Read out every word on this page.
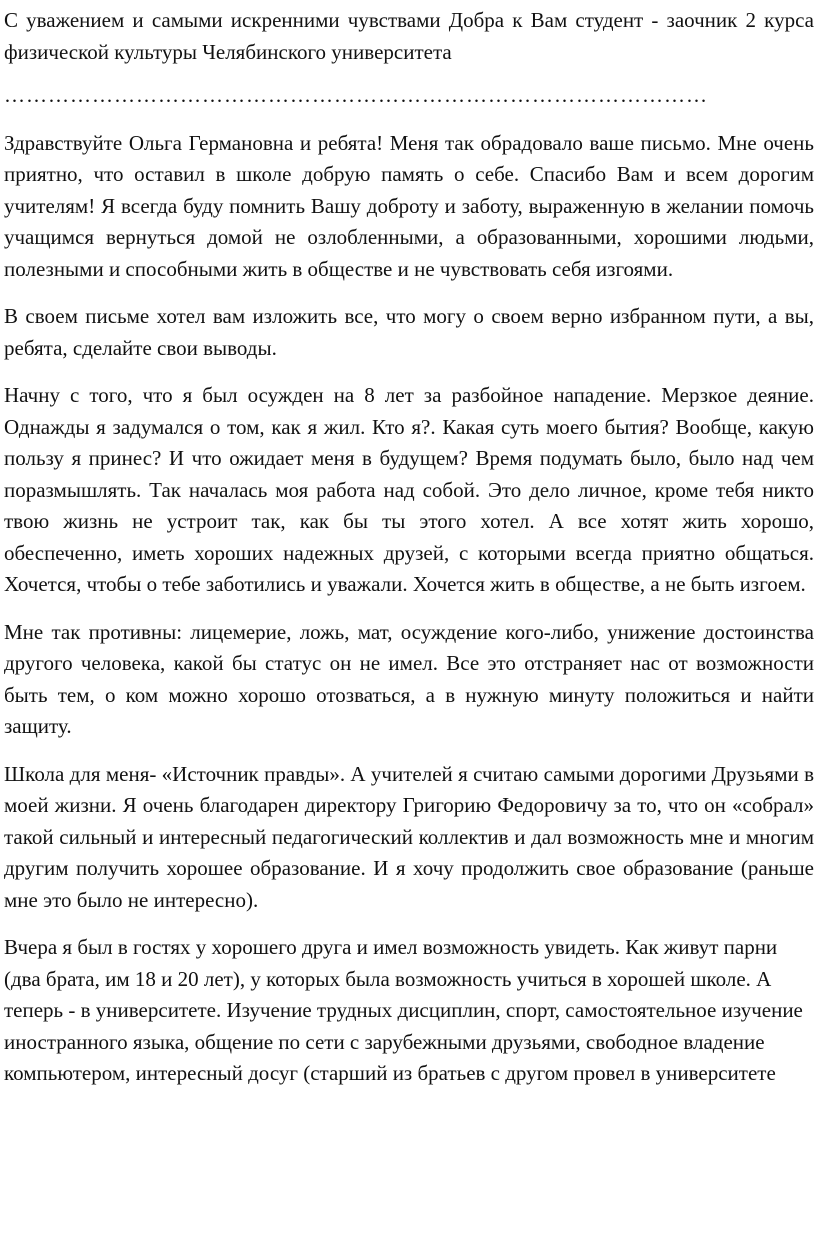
С уважением и самыми искренними чувствами Добра к Вам студент - заочник 2 курса физической культуры Челябинского университета

……………………………………………………………………………………

Здравствуйте Ольга Германовна и ребята! Меня так обрадовало ваше письмо. Мне очень приятно, что оставил в школе добрую память о себе. Спасибо Вам и всем дорогим учителям! Я всегда буду помнить Вашу доброту и заботу, выраженную в желании помочь учащимся вернуться домой не озлобленными, а образованными, хорошими людьми, полезными и способными жить в обществе и не чувствовать себя изгоями.

В своем письме хотел вам изложить все, что могу о своем верно избранном пути, а вы, ребята, сделайте свои выводы.

Начну с того, что я был осужден на 8 лет за разбойное нападение. Мерзкое деяние. Однажды я задумался о том, как я жил. Кто я?. Какая суть моего бытия? Вообще, какую пользу я принес? И что ожидает меня в будущем? Время подумать было, было над чем поразмышлять. Так началась моя работа над собой. Это дело личное, кроме тебя никто твою жизнь не устроит так, как бы ты этого хотел. А все хотят жить хорошо, обеспеченно, иметь хороших надежных друзей, с которыми всегда приятно общаться. Хочется, чтобы о тебе заботились и уважали. Хочется жить в обществе, а не быть изгоем.

Мне так противны: лицемерие, ложь, мат, осуждение кого-либо, унижение достоинства другого человека, какой бы статус он не имел. Все это отстраняет нас от возможности быть тем, о ком можно хорошо отозваться, а в нужную минуту положиться и найти защиту.

Школа для меня- «Источник правды». А учителей я считаю самыми дорогими Друзьями в моей жизни. Я очень благодарен директору Григорию Федоровичу за то, что он «собрал» такой сильный и интересный педагогический коллектив и дал возможность мне и многим другим получить хорошее образование. И я хочу продолжить свое образование (раньше мне это было не интересно).

Вчера я был в гостях у хорошего друга и имел возможность увидеть. Как живут парни (два брата, им 18 и 20 лет), у которых была возможность учиться в хорошей школе. А теперь - в университете. Изучение трудных дисциплин, спорт, самостоятельное изучение иностранного языка, общение по сети с зарубежными друзьями, свободное владение компьютером, интересный досуг (старший из братьев с другом провел в университете
